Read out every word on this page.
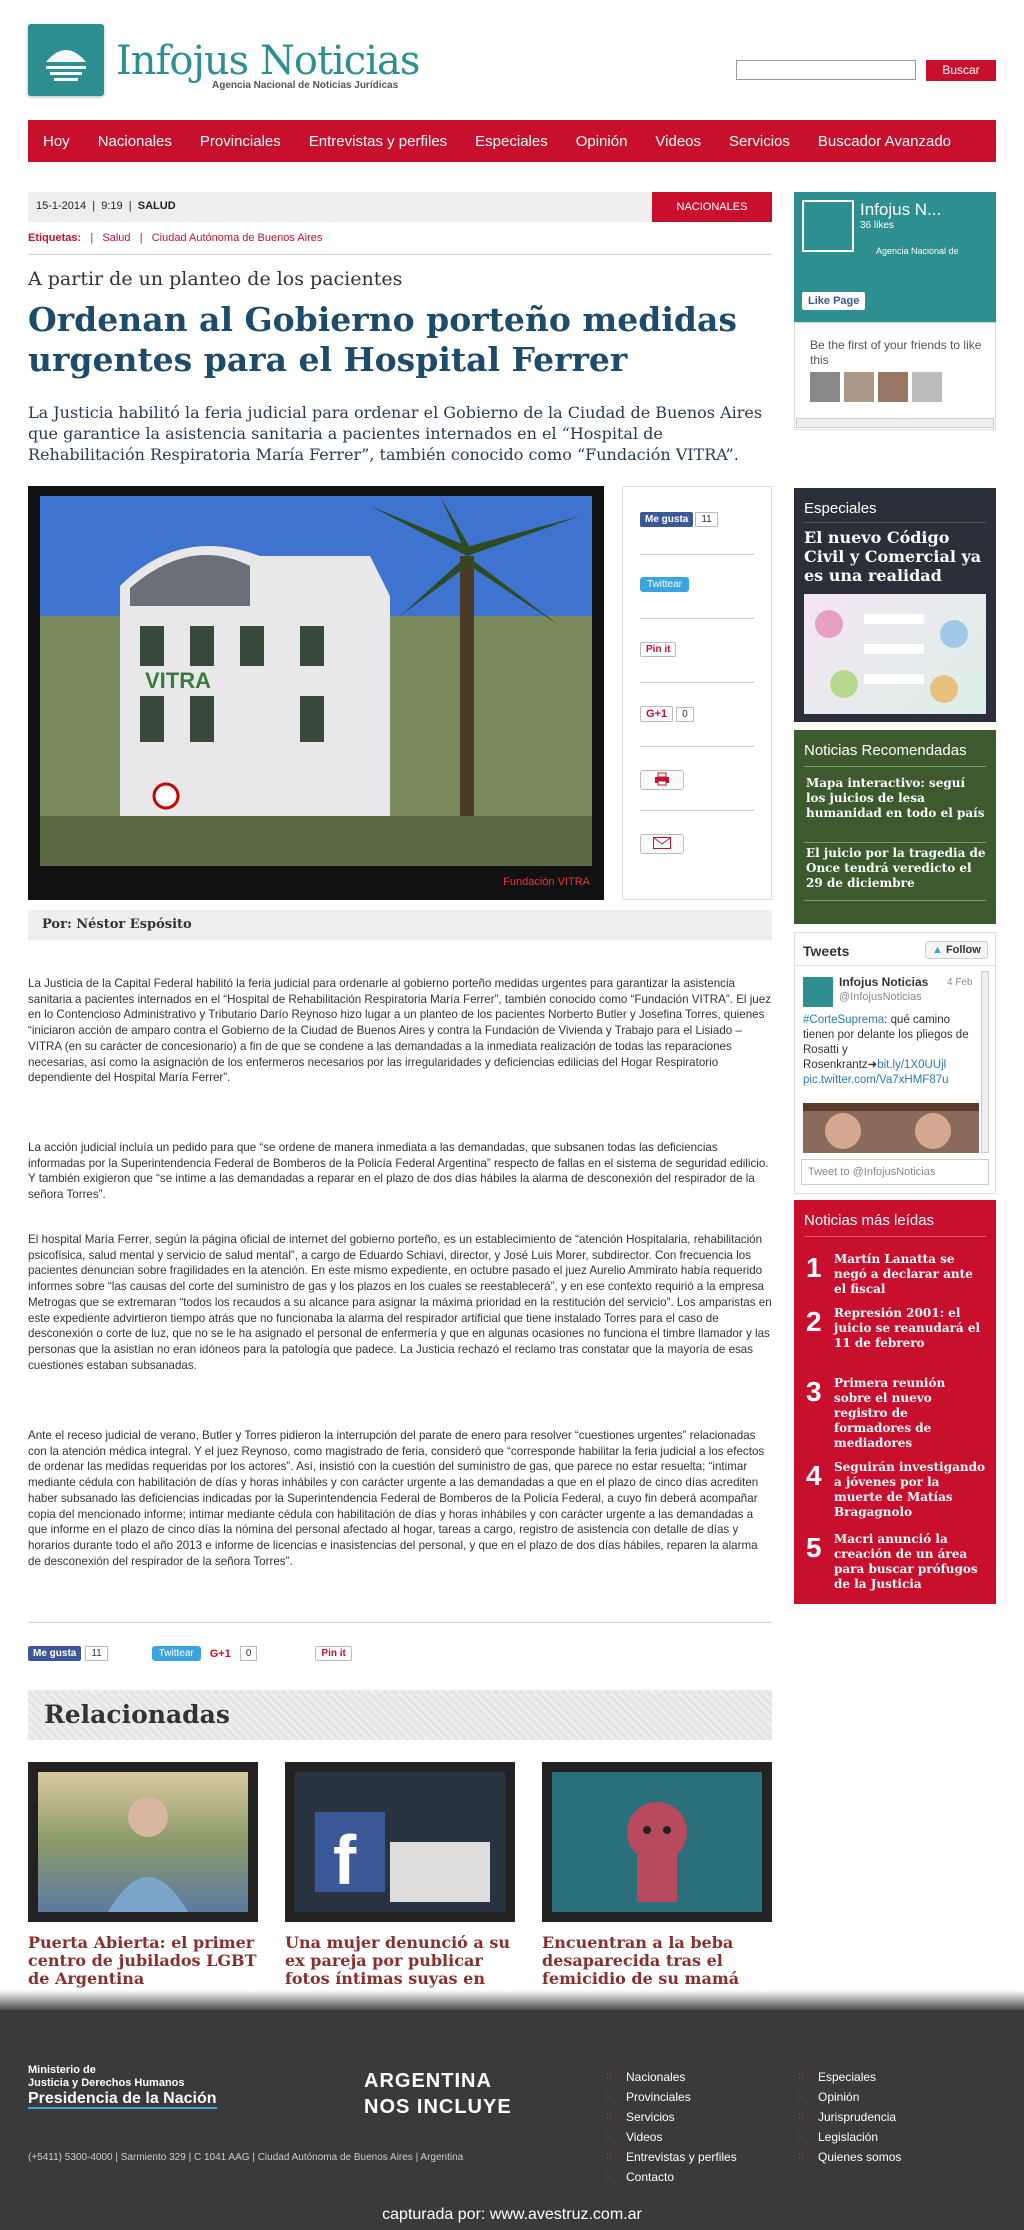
Infojus Noticias
Agencia Nacional de Noticias Jurídicas
Buscar
Hoy Nacionales Provinciales Entrevistas y perfiles Especiales Opinión Videos Servicios Buscador Avanzado
15-1-2014  |  9:19  |  SALUD	NACIONALES
Etiquetas:   |   Salud   |   Ciudad Autónoma de Buenos Aires
A partir de un planteo de los pacientes
Ordenan al Gobierno porteño medidas urgentes para el Hospital Ferrer
La Justicia habilitó la feria judicial para ordenar el Gobierno de la Ciudad de Buenos Aires que garantice la asistencia sanitaria a pacientes internados en el “Hospital de Rehabilitación Respiratoria María Ferrer”, también conocido como “Fundación VITRA”.
VITRA
Fundación VITRA
Me gusta	11
Twittear
Pin it
G+1	0
Por: Néstor Espósito
La Justicia de la Capital Federal habilitó la feria judicial para ordenarle al gobierno porteño medidas urgentes para garantizar la asistencia sanitaria a pacientes internados en el “Hospital de Rehabilitación Respiratoria María Ferrer”, también conocido como “Fundación VITRA”. El juez en lo Contencioso Administrativo y Tributario Darío Reynoso hizo lugar a un planteo de los pacientes Norberto Butler y Josefina Torres, quienes “iniciaron acción de amparo contra el Gobierno de la Ciudad de Buenos Aires y contra la Fundación de Vivienda y Trabajo para el Lisiado – VITRA (en su carácter de concesionario) a fin de que se condene a las demandadas a la inmediata realización de todas las reparaciones necesarias, así como la asignación de los enfermeros necesarios por las irregularidades y deficiencias edilicias del Hogar Respiratorio dependiente del Hospital María Ferrer”.
La acción judicial incluía un pedido para que “se ordene de manera inmediata a las demandadas, que subsanen todas las deficiencias informadas por la Superintendencia Federal de Bomberos de la Policía Federal Argentina” respecto de fallas en el sistema de seguridad edilicio. Y también exigieron que “se intime a las demandadas a reparar en el plazo de dos días hábiles la alarma de desconexión del respirador de la señora Torres”.
El hospital María Ferrer, según la página oficial de internet del gobierno porteño, es un establecimiento de “atención Hospitalaria, rehabilitación psicofísica, salud mental y servicio de salud mental”, a cargo de Eduardo Schiavi, director, y José Luis Morer, subdirector. Con frecuencia los pacientes denuncian sobre fragilidades en la atención. En este mismo expediente, en octubre pasado el juez Aurelio Ammirato había requerido informes sobre “las causas del corte del suministro de gas y los plazos en los cuales se reestablecerá”, y en ese contexto requirió a la empresa Metrogas que se extremaran “todos los recaudos a su alcance para asignar la máxima prioridad en la restitución del servicio”. Los amparistas en este expediente advirtieron tiempo atrás que no funcionaba la alarma del respirador artificial que tiene instalado Torres para el caso de desconexión o corte de luz, que no se le ha asignado el personal de enfermería y que en algunas ocasiones no funciona el timbre llamador y las personas que la asistían no eran idóneos para la patología que padece. La Justicia rechazó el reclamo tras constatar que la mayoría de esas cuestiones estaban subsanadas.
Ante el receso judicial de verano, Butler y Torres pidieron la interrupción del parate de enero para resolver “cuestiones urgentes” relacionadas con la atención médica integral. Y el juez Reynoso, como magistrado de feria, consideró que “corresponde habilitar la feria judicial a los efectos de ordenar las medidas requeridas por los actores”. Así, insistió con la cuestión del suministro de gas, que parece no estar resuelta; “intimar mediante cédula con habilitación de días y horas inhábiles y con carácter urgente a las demandadas a que en el plazo de cinco días acrediten haber subsanado las deficiencias indicadas por la Superintendencia Federal de Bomberos de la Policía Federal, a cuyo fin deberá acompañar copia del mencionado informe; intimar mediante cédula con habilitación de días y horas inhábiles y con carácter urgente a las demandadas a que informe en el plazo de cinco días la nómina del personal afectado al hogar, tareas a cargo, registro de asistencia con detalle de días y horarios durante todo el año 2013 e informe de licencias e inasistencias del personal, y que en el plazo de dos días hábiles, reparen la alarma de desconexión del respirador de la señora Torres”.
Me gusta	11	Twittear	G+1	0	Pin it
Relacionadas
f
Puerta Abierta: el primer centro de jubilados LGBT de Argentina
Una mujer denunció a su ex pareja por publicar fotos íntimas suyas en
Encuentran a la beba desaparecida tras el femicidio de su mamá
Infojus N...
36 likes
Agencia Nacional de
Like Page
Be the first of your friends to like this
Especiales
El nuevo Código Civil y Comercial ya es una realidad
Noticias Recomendadas
Mapa interactivo: seguí los juicios de lesa humanidad en todo el país
El juicio por la tragedia de Once tendrá veredicto el 29 de diciembre
Tweets	▲ Follow
Infojus Noticias 4 Feb
@InfojusNoticias
#CorteSuprema: qué camino tienen por delante los pliegos de Rosatti y Rosenkrantz➜bit.ly/1X0UUjl
pic.twitter.com/Va7xHMF87u
Tweet to @InfojusNoticias
Noticias más leídas
1 Martín Lanatta se negó a declarar ante el fiscal
2 Represión 2001: el juicio se reanudará el 11 de febrero
3 Primera reunión sobre el nuevo registro de formadores de mediadores
4 Seguirán investigando a jóvenes por la muerte de Matías Bragagnolo
5 Macri anunció la creación de un área para buscar prófugos de la Justicia
Ministerio de
Justicia y Derechos Humanos
Presidencia de la Nación
ARGENTINA
NOS INCLUYE
(+5411) 5300-4000 | Sarmiento 329 | C 1041 AAG | Ciudad Autónoma de Buenos Aires | Argentina
:: Nacionales
:: Provinciales
:: Servicios
:: Videos
:: Entrevistas y perfiles
:: Contacto
:: Especiales
:: Opinión
:: Jurisprudencia
:: Legislación
:: Quienes somos
capturada por: www.avestruz.com.ar
